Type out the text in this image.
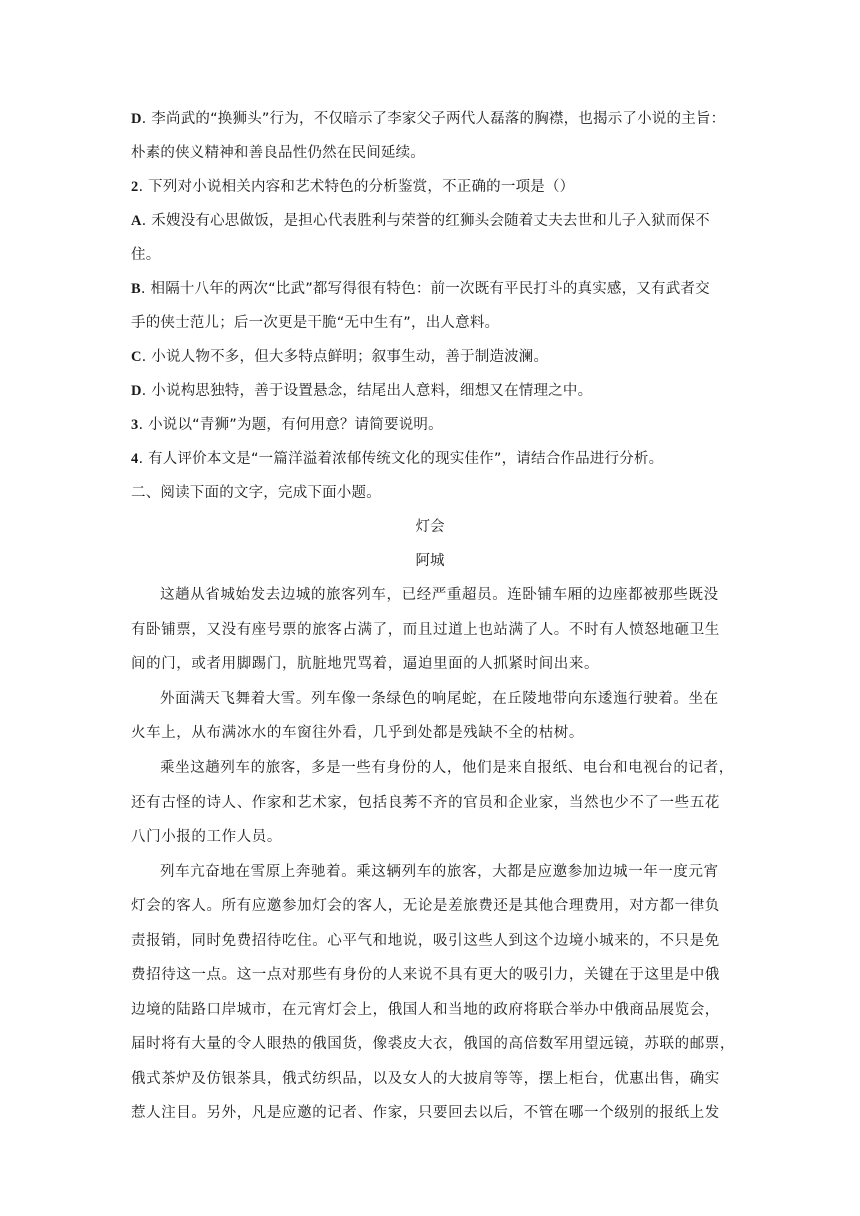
D. 李尚武的“换狮头”行为，不仅暗示了李家父子两代人磊落的胸襟，也揭示了小说的主旨：
朴素的侠义精神和善良品性仍然在民间延续。
2. 下列对小说相关内容和艺术特色的分析鉴赏，不正确的一项是（）
A. 禾嫂没有心思做饭，是担心代表胜利与荣誉的红狮头会随着丈夫去世和儿子入狱而保不
住。
B. 相隔十八年的两次“比武”都写得很有特色：前一次既有平民打斗的真实感，又有武者交
手的侠士范儿；后一次更是干脆“无中生有”，出人意料。
C. 小说人物不多，但大多特点鲜明；叙事生动，善于制造波澜。
D. 小说构思独特，善于设置悬念，结尾出人意料，细想又在情理之中。
3. 小说以“青狮”为题，有何用意？请简要说明。
4. 有人评价本文是“一篇洋溢着浓郁传统文化的现实佳作”，请结合作品进行分析。
二、阅读下面的文字，完成下面小题。
灯会
阿城
这趟从省城始发去边城的旅客列车，已经严重超员。连卧铺车厢的边座都被那些既没
有卧铺票，又没有座号票的旅客占满了，而且过道上也站满了人。不时有人愤怒地砸卫生
间的门，或者用脚踢门，肮脏地咒骂着，逼迫里面的人抓紧时间出来。
外面满天飞舞着大雪。列车像一条绿色的响尾蛇，在丘陵地带向东逶迤行驶着。坐在
火车上，从布满冰水的车窗往外看，几乎到处都是残缺不全的枯树。
乘坐这趟列车的旅客，多是一些有身份的人，他们是来自报纸、电台和电视台的记者，
还有古怪的诗人、作家和艺术家，包括良莠不齐的官员和企业家，当然也少不了一些五花
八门小报的工作人员。
列车亢奋地在雪原上奔驰着。乘这辆列车的旅客，大都是应邀参加边城一年一度元宵
灯会的客人。所有应邀参加灯会的客人，无论是差旅费还是其他合理费用，对方都一律负
责报销，同时免费招待吃住。心平气和地说，吸引这些人到这个边境小城来的，不只是免
费招待这一点。这一点对那些有身份的人来说不具有更大的吸引力，关键在于这里是中俄
边境的陆路口岸城市，在元宵灯会上，俄国人和当地的政府将联合举办中俄商品展览会，
届时将有大量的令人眼热的俄国货，像裘皮大衣，俄国的高倍数军用望远镜，苏联的邮票，
俄式茶炉及仿银茶具，俄式纺织品，以及女人的大披肩等等，摆上柜台，优惠出售，确实
惹人注目。另外，凡是应邀的记者、作家，只要回去以后，不管在哪一个级别的报纸上发
